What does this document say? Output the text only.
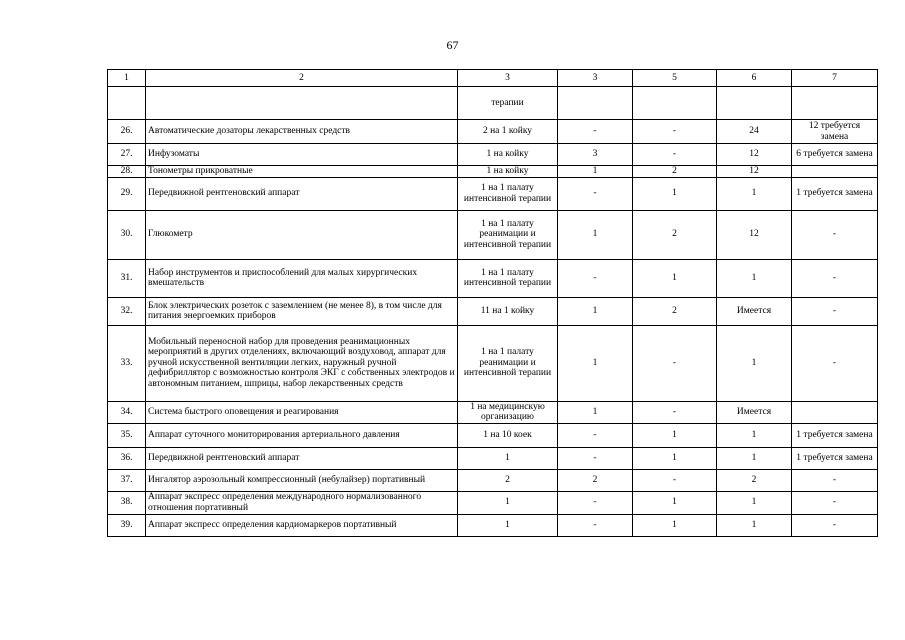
67
1	2	3	3	5	6	7
		терапии				
26.	Автоматические дозаторы лекарственных средств	2 на 1 койку	-	-	24	12 требуется замена
27.	Инфузоматы	1 на койку	3	-	12	6 требуется замена
28.	Тонометры прикроватные	1 на койку	1	2	12	
29.	Передвижной рентгеновский аппарат	1 на 1 палату интенсивной терапии	-	1	1	1 требуется замена
30.	Глюкометр	1 на 1 палату реанимации и интенсивной терапии	1	2	12	-
31.	Набор инструментов и приспособлений для малых хирургических вмешательств	1 на 1 палату интенсивной терапии	-	1	1	-
32.	Блок электрических розеток с заземлением (не менее 8), в том числе для питания энергоемких приборов	11 на 1 койку	1	2	Имеется	-
33.	Мобильный переносной набор для проведения реанимационных мероприятий в других отделениях, включающий воздуховод, аппарат для ручной искусственной вентиляции легких, наружный ручной дефибриллятор с возможностью контроля ЭКГ с собственных электродов и автономным питанием, шприцы, набор лекарственных средств	1 на 1 палату реанимации и интенсивной терапии	1	-	1	-
34.	Система быстрого оповещения и реагирования	1 на медицинскую организацию	1	-	Имеется	
35.	Аппарат суточного мониторирования артериального давления	1 на 10 коек	-	1	1	1 требуется замена
36.	Передвижной рентгеновский аппарат	1	-	1	1	1 требуется замена
37.	Ингалятор аэрозольный компрессионный (небулайзер) портативный	2	2	-	2	-
38.	Аппарат экспресс определения международного нормализованного отношения портативный	1	-	1	1	-
39.	Аппарат экспресс определения кардиомаркеров портативный	1	-	1	1	-
